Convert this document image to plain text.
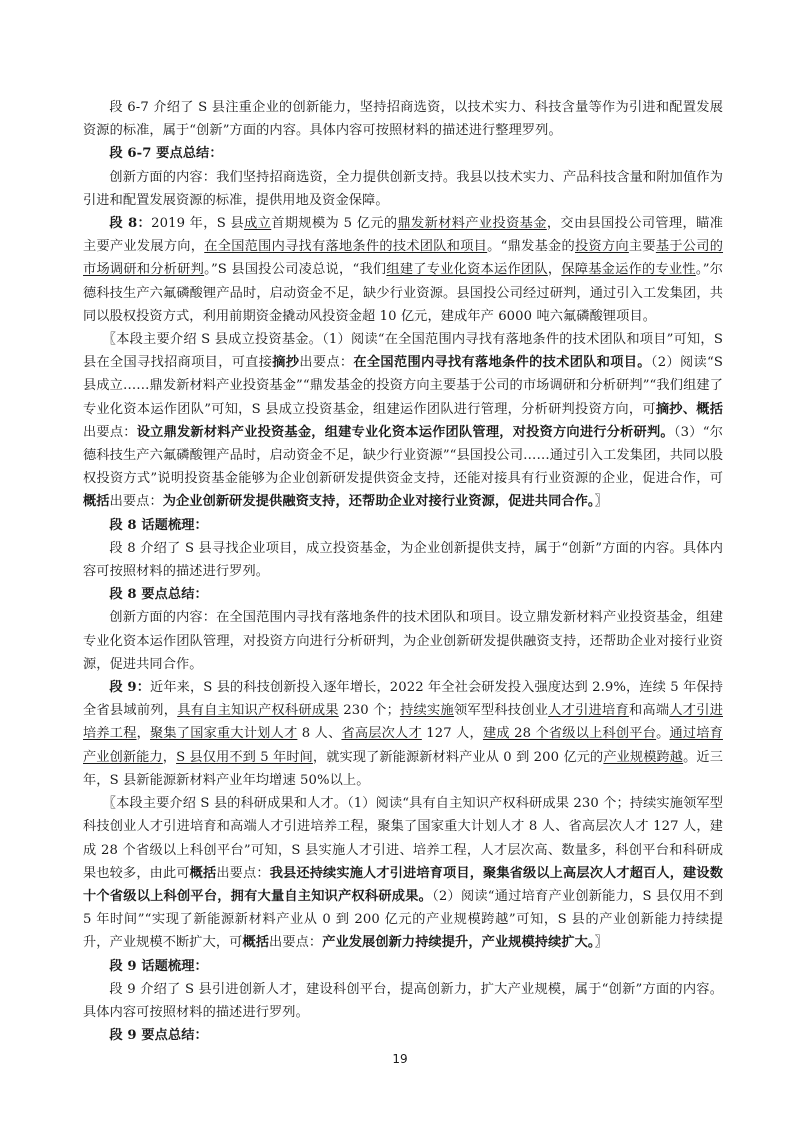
段 6-7 介绍了 S 县注重企业的创新能力，坚持招商选资，以技术实力、科技含量等作为引进和配置发展资源的标准，属于“创新”方面的内容。具体内容可按照材料的描述进行整理罗列。

段 6-7 要点总结：

创新方面的内容：我们坚持招商选资，全力提供创新支持。我县以技术实力、产品科技含量和附加值作为引进和配置发展资源的标准，提供用地及资金保障。

段 8：2019 年，S 县成立首期规模为 5 亿元的鼎发新材料产业投资基金，交由县国投公司管理，瞄准主要产业发展方向，在全国范围内寻找有落地条件的技术团队和项目。“鼎发基金的投资方向主要基于公司的市场调研和分析研判。”S 县国投公司凌总说，“我们组建了专业化资本运作团队，保障基金运作的专业性。”尔德科技生产六氟磷酸锂产品时，启动资金不足，缺少行业资源。县国投公司经过研判，通过引入工发集团，共同以股权投资方式，利用前期资金撬动风投资金超 10 亿元，建成年产 6000 吨六氟磷酸锂项目。

〖本段主要介绍 S 县成立投资基金。（1）阅读“在全国范围内寻找有落地条件的技术团队和项目”可知，S 县在全国寻找招商项目，可直接摘抄出要点：在全国范围内寻找有落地条件的技术团队和项目。（2）阅读“S 县成立……鼎发新材料产业投资基金”“鼎发基金的投资方向主要基于公司的市场调研和分析研判”“我们组建了专业化资本运作团队”可知，S 县成立投资基金，组建运作团队进行管理，分析研判投资方向，可摘抄、概括出要点：设立鼎发新材料产业投资基金，组建专业化资本运作团队管理，对投资方向进行分析研判。（3）“尔德科技生产六氟磷酸锂产品时，启动资金不足，缺少行业资源”“县国投公司……通过引入工发集团，共同以股权投资方式”说明投资基金能够为企业创新研发提供资金支持，还能对接具有行业资源的企业，促进合作，可概括出要点：为企业创新研发提供融资支持，还帮助企业对接行业资源，促进共同合作。〗

段 8 话题梳理：

段 8 介绍了 S 县寻找企业项目，成立投资基金，为企业创新提供支持，属于“创新”方面的内容。具体内容可按照材料的描述进行罗列。

段 8 要点总结：

创新方面的内容：在全国范围内寻找有落地条件的技术团队和项目。设立鼎发新材料产业投资基金，组建专业化资本运作团队管理，对投资方向进行分析研判，为企业创新研发提供融资支持，还帮助企业对接行业资源，促进共同合作。

段 9：近年来，S 县的科技创新投入逐年增长，2022 年全社会研发投入强度达到 2.9%，连续 5 年保持全省县域前列，具有自主知识产权科研成果 230 个；持续实施领军型科技创业人才引进培育和高端人才引进培养工程，聚集了国家重大计划人才 8 人、省高层次人才 127 人，建成 28 个省级以上科创平台。通过培育产业创新能力，S 县仅用不到 5 年时间，就实现了新能源新材料产业从 0 到 200 亿元的产业规模跨越。近三年，S 县新能源新材料产业年均增速 50%以上。

〖本段主要介绍 S 县的科研成果和人才。（1）阅读“具有自主知识产权科研成果 230 个；持续实施领军型科技创业人才引进培育和高端人才引进培养工程，聚集了国家重大计划人才 8 人、省高层次人才 127 人，建成 28 个省级以上科创平台”可知，S 县实施人才引进、培养工程，人才层次高、数量多，科创平台和科研成果也较多，由此可概括出要点：我县还持续实施人才引进培育项目，聚集省级以上高层次人才超百人，建设数十个省级以上科创平台，拥有大量自主知识产权科研成果。（2）阅读“通过培育产业创新能力，S 县仅用不到 5 年时间”“实现了新能源新材料产业从 0 到 200 亿元的产业规模跨越”可知，S 县的产业创新能力持续提升，产业规模不断扩大，可概括出要点：产业发展创新力持续提升，产业规模持续扩大。〗

段 9 话题梳理：

段 9 介绍了 S 县引进创新人才，建设科创平台，提高创新力，扩大产业规模，属于“创新”方面的内容。具体内容可按照材料的描述进行罗列。

段 9 要点总结：

19
